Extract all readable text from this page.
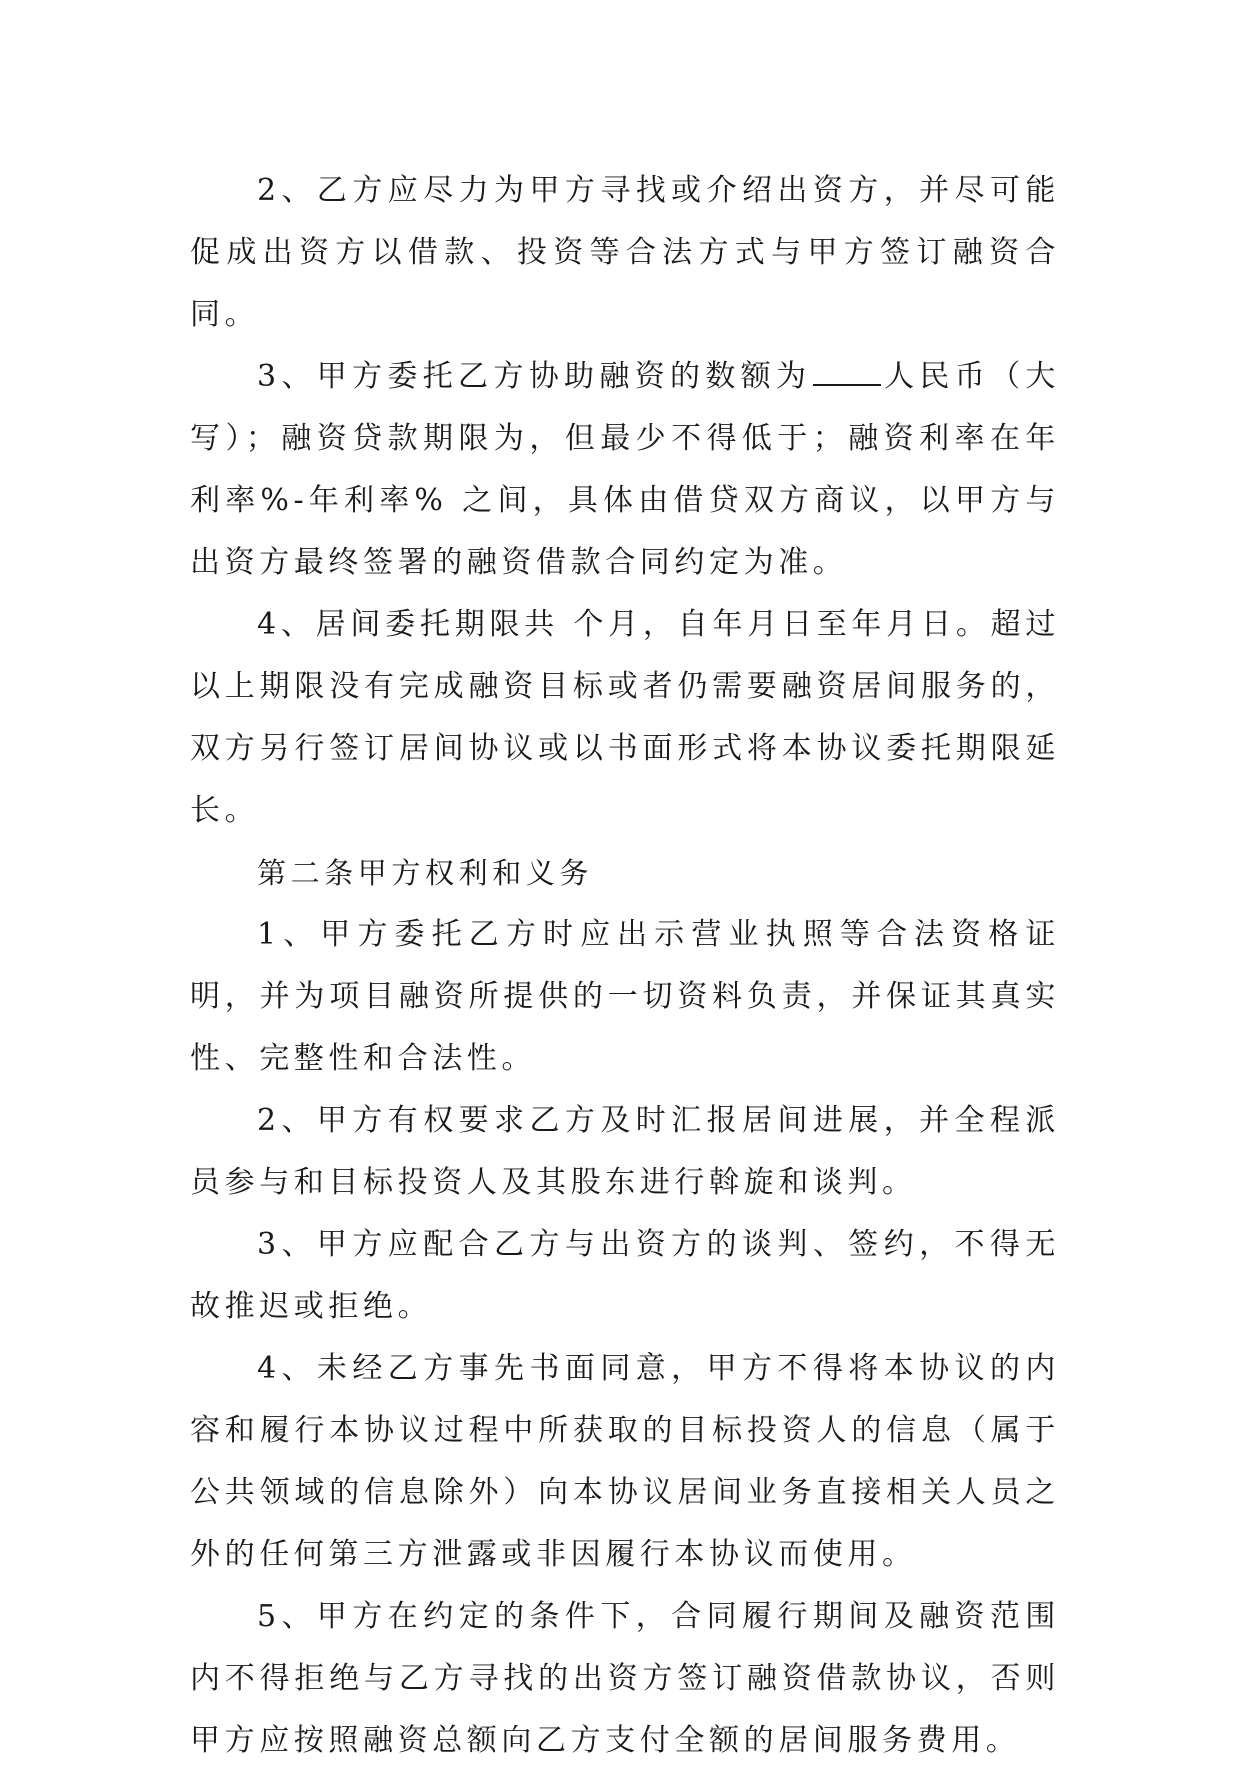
2、乙方应尽力为甲方寻找或介绍出资方，并尽可能促成出资方以借款、投资等合法方式与甲方签订融资合同。

3、甲方委托乙方协助融资的数额为 人民币（大写）；融资贷款期限为，但最少不得低于；融资利率在年利率%-年利率% 之间，具体由借贷双方商议，以甲方与出资方最终签署的融资借款合同约定为准。

4、居间委托期限共 个月，自年月日至年月日。超过以上期限没有完成融资目标或者仍需要融资居间服务的，双方另行签订居间协议或以书面形式将本协议委托期限延长。

第二条甲方权利和义务

1、甲方委托乙方时应出示营业执照等合法资格证明，并为项目融资所提供的一切资料负责，并保证其真实性、完整性和合法性。

2、甲方有权要求乙方及时汇报居间进展，并全程派员参与和目标投资人及其股东进行斡旋和谈判。

3、甲方应配合乙方与出资方的谈判、签约，不得无故推迟或拒绝。

4、未经乙方事先书面同意，甲方不得将本协议的内容和履行本协议过程中所获取的目标投资人的信息（属于公共领域的信息除外）向本协议居间业务直接相关人员之外的任何第三方泄露或非因履行本协议而使用。

5、甲方在约定的条件下，合同履行期间及融资范围内不得拒绝与乙方寻找的出资方签订融资借款协议，否则甲方应按照融资总额向乙方支付全额的居间服务费用。
